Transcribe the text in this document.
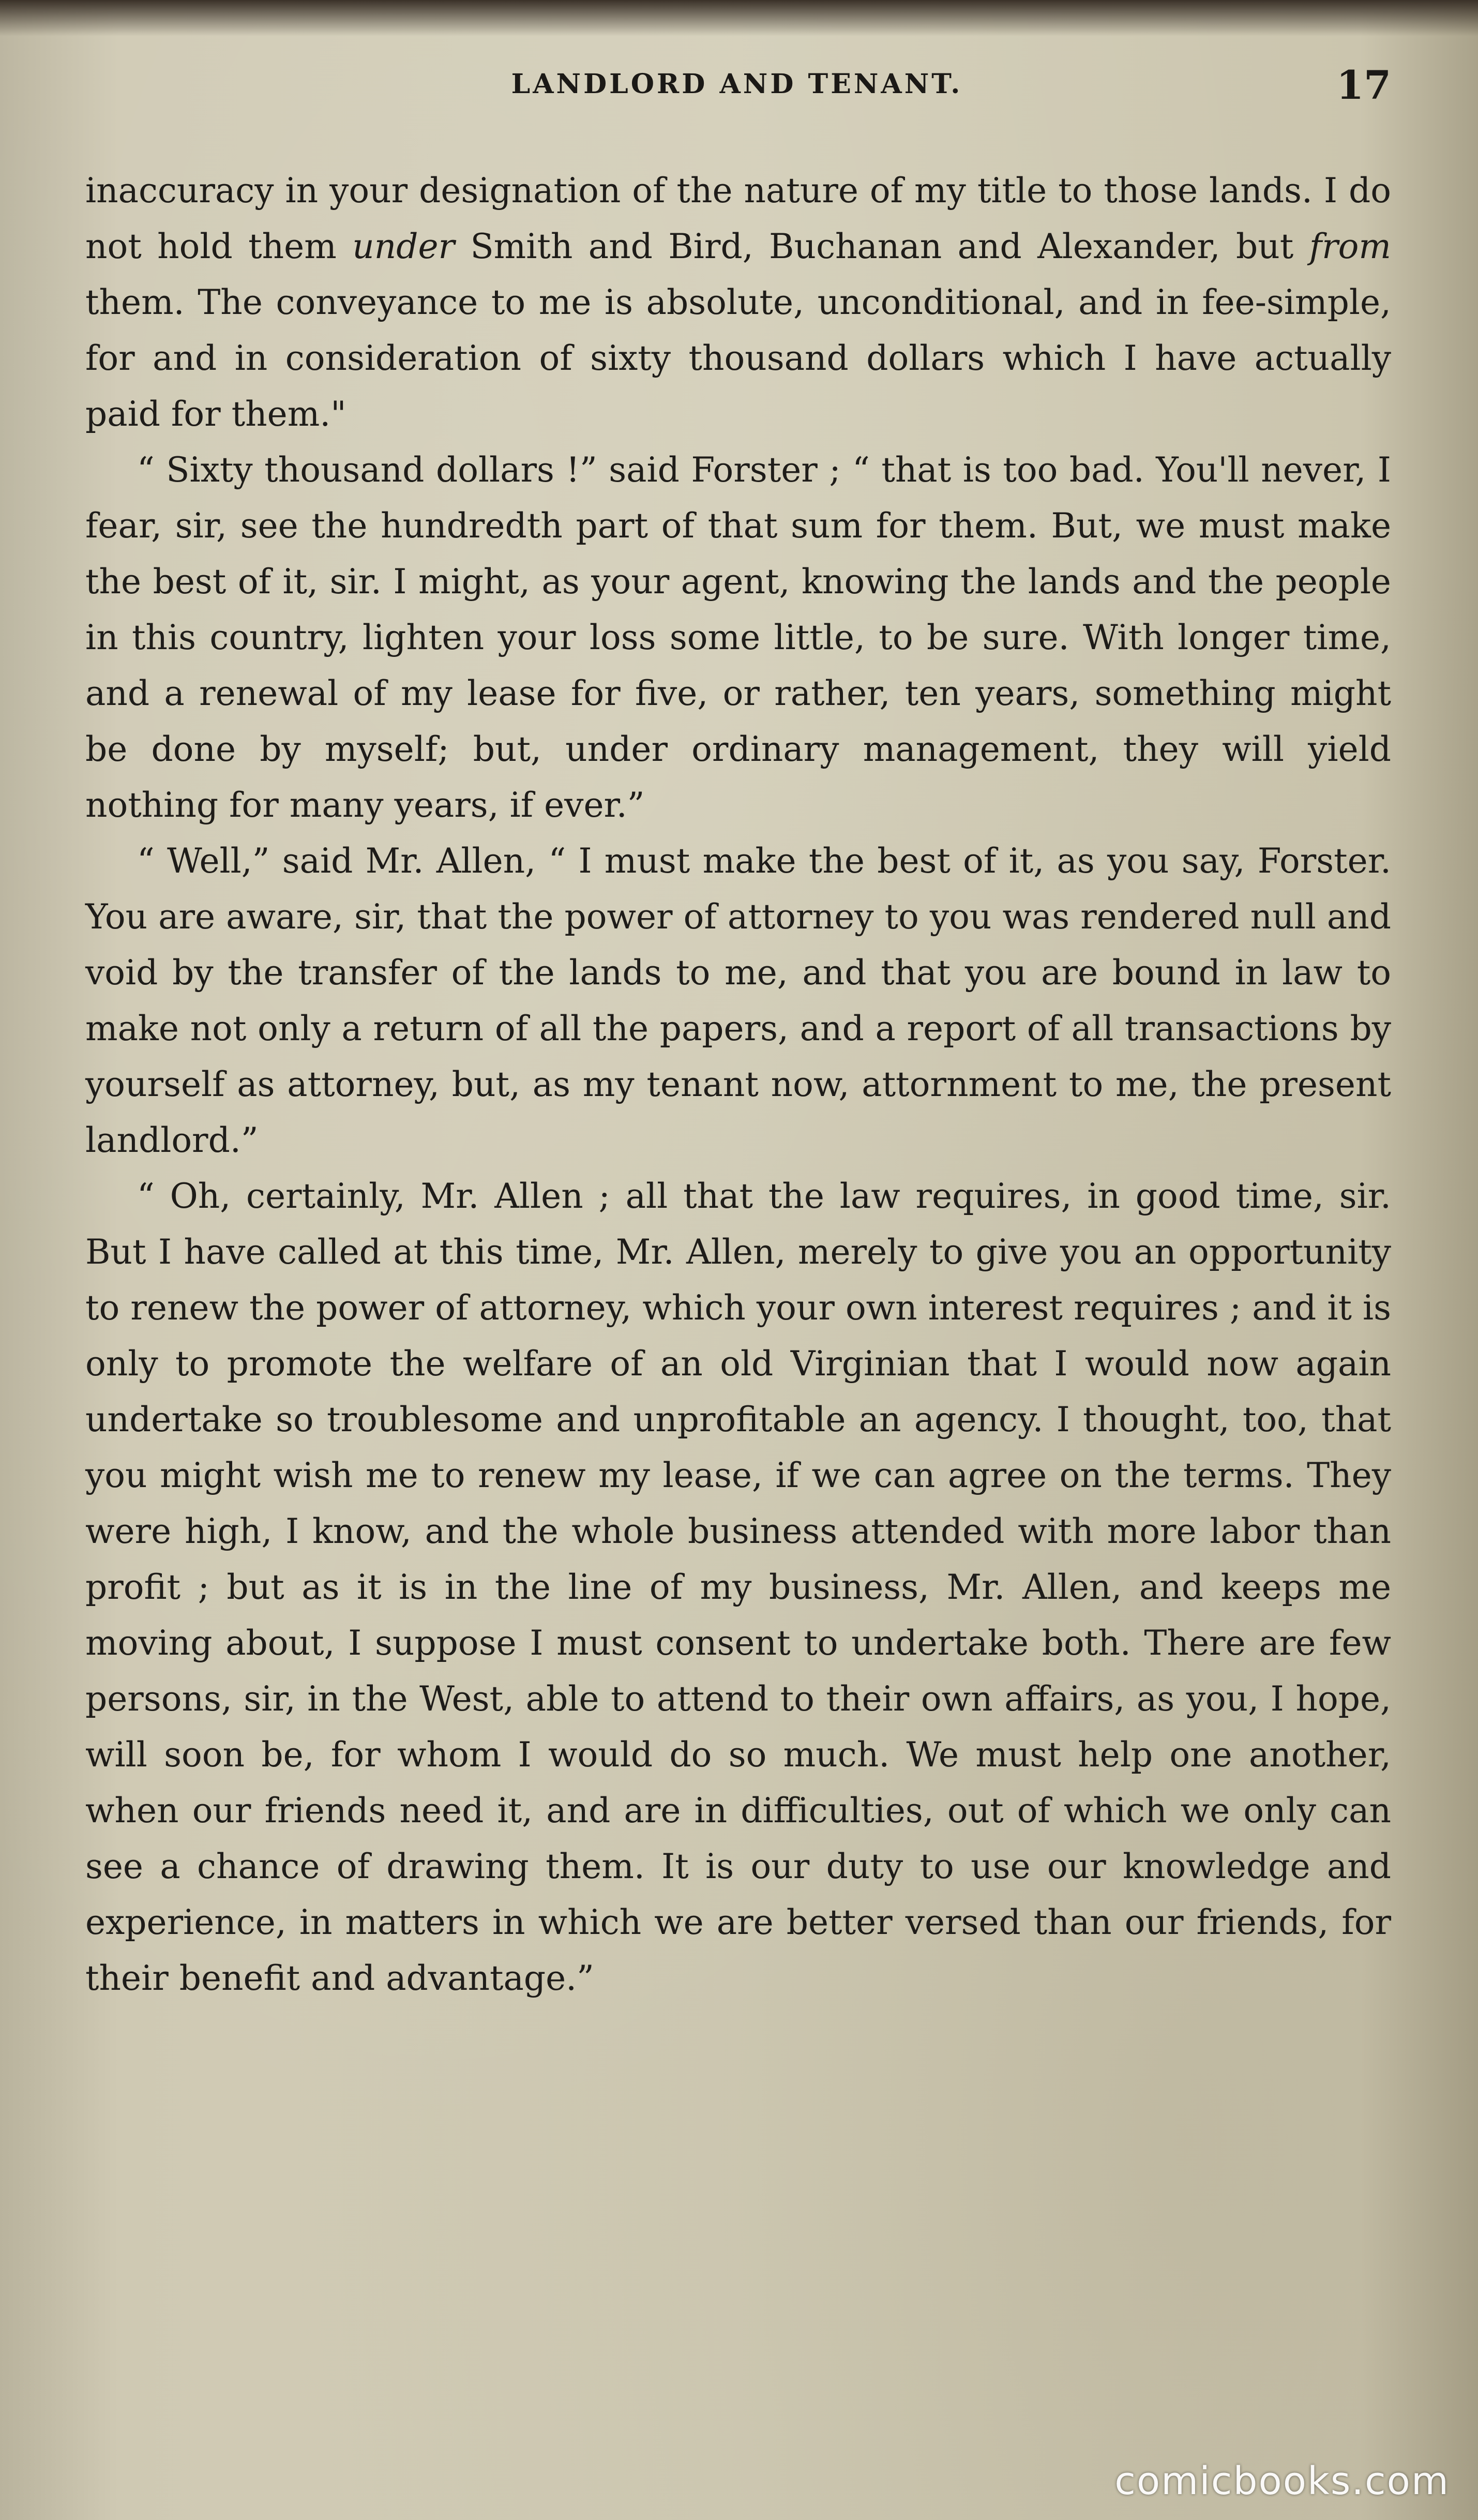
LANDLORD AND TENANT.	17

inaccuracy in your designation of the nature of my title to those lands. I do not hold them under Smith and Bird, Buchanan and Alexander, but from them. The conveyance to me is absolute, unconditional, and in fee-simple, for and in consideration of sixty thousand dollars which I have actually paid for them."

“ Sixty thousand dollars !” said Forster ; “ that is too bad. You'll never, I fear, sir, see the hundredth part of that sum for them. But, we must make the best of it, sir. I might, as your agent, knowing the lands and the people in this country, lighten your loss some little, to be sure. With longer time, and a renewal of my lease for five, or rather, ten years, something might be done by myself; but, under ordinary management, they will yield nothing for many years, if ever.”

“ Well,” said Mr. Allen, “ I must make the best of it, as you say, Forster. You are aware, sir, that the power of attorney to you was rendered null and void by the transfer of the lands to me, and that you are bound in law to make not only a return of all the papers, and a report of all transactions by yourself as attorney, but, as my tenant now, attornment to me, the present landlord.”

“ Oh, certainly, Mr. Allen ; all that the law requires, in good time, sir. But I have called at this time, Mr. Allen, merely to give you an opportunity to renew the power of attorney, which your own interest requires ; and it is only to promote the welfare of an old Virginian that I would now again undertake so troublesome and unprofitable an agency. I thought, too, that you might wish me to renew my lease, if we can agree on the terms. They were high, I know, and the whole business attended with more labor than profit ; but as it is in the line of my business, Mr. Allen, and keeps me moving about, I suppose I must consent to undertake both. There are few persons, sir, in the West, able to attend to their own affairs, as you, I hope, will soon be, for whom I would do so much. We must help one another, when our friends need it, and are in difficulties, out of which we only can see a chance of drawing them. It is our duty to use our knowledge and experience, in matters in which we are better versed than our friends, for their benefit and advantage.”

comicbooks.com
